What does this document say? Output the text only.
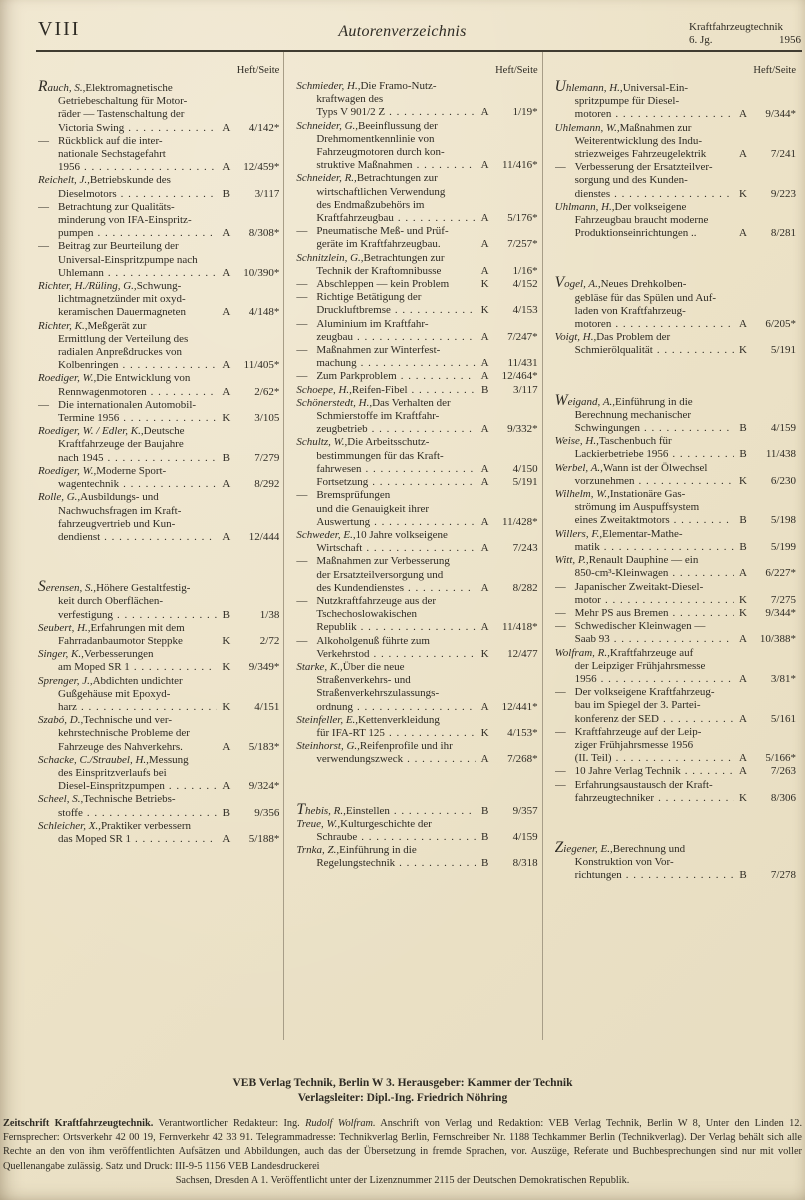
VIII	Autorenverzeichnis	Kraftfahrzeugtechnik
6. Jg.	1956
Heft/Seite
Rauch, S., Elektromagnetische
Getriebeschaltung für Motor-
räder — Tastenschaltung der
Victoria Swing . . .	A	4/142*
— Rückblick auf die inter-
nationale Sechstagefahrt
1956 . . .	A	12/459*
Reichelt, J., Betriebskunde des
Dieselmotors . . .	B	3/117
— Betrachtung zur Qualitäts-
minderung von IFA-Einspritz-
pumpen . . .	A	8/308*
— Beitrag zur Beurteilung der
Universal-Einspritzpumpe nach
Uhlemann . . .	A	10/390*
Richter, H./Rüling, G., Schwung-
lichtmagnetzünder mit oxyd-
keramischen Dauermagneten	A	4/148*
Richter, K., Meßgerät zur
Ermittlung der Verteilung des
radialen Anpreßdruckes von
Kolbenringen . . .	A	11/405*
Roediger, W., Die Entwicklung von
Rennwagenmotoren . . .	A	2/62*
— Die internationalen Automobil-
Termine 1956 . . .	K	3/105
Roediger, W. / Edler, K., Deutsche
Kraftfahrzeuge der Baujahre
nach 1945 . . .	B	7/279
Roediger, W., Moderne Sport-
wagentechnik . . .	A	8/292
Rolle, G., Ausbildungs- und
Nachwuchsfragen im Kraft-
fahrzeugvertrieb und Kun-
dendienst . . .	A	12/444
Serensen, S., Höhere Gestaltfestig-
keit durch Oberflächen-
verfestigung . . .	B	1/38
Seubert, H., Erfahrungen mit dem
Fahrradanbaumotor Steppke	K	2/72
Singer, K., Verbesserungen
am Moped SR 1 . . .	K	9/349*
Sprenger, J., Abdichten undichter
Gußgehäuse mit Epoxyd-
harz . . .	K	4/151
Szabó, D., Technische und ver-
kehrstechnische Probleme der
Fahrzeuge des Nahverkehrs.	A	5/183*
Schacke, C./Straubel, H., Messung
des Einspritzverlaufs bei
Diesel-Einspritzpumpen . . .	A	9/324*
Scheel, S., Technische Betriebs-
stoffe . . .	B	9/356
Schleicher, X., Praktiker verbessern
das Moped SR 1 . . .	A	5/188*
Heft/Seite
Schmieder, H., Die Framo-Nutz-
kraftwagen des
Typs V 901/2 Z . . .	A	1/19*
Schneider, G., Beeinflussung der
Drehmomentkennlinie von
Fahrzeugmotoren durch kon-
struktive Maßnahmen . . .	A	11/416*
Schneider, R., Betrachtungen zur
wirtschaftlichen Verwendung
des Endmaßzubehörs im
Kraftfahrzeugbau . . .	A	5/176*
— Pneumatische Meß- und Prüf-
geräte im Kraftfahrzeugbau.	A	7/257*
Schnitzlein, G., Betrachtungen zur
Technik der Kraftomnibusse	A	1/16*
— Abschleppen — kein Problem	K	4/152
— Richtige Betätigung der
Druckluftbremse . . .	K	4/153
— Aluminium im Kraftfahr-
zeugbau . . .	A	7/247*
— Maßnahmen zur Winterfest-
machung . . .	A	11/431
— Zum Parkproblem . . .	A	12/464*
Schoepe, H., Reifen-Fibel . . .	B	3/117
Schönerstedt, H., Das Verhalten der
Schmierstoffe im Kraftfahr-
zeugbetrieb . . .	A	9/332*
Schultz, W., Die Arbeitsschutz-
bestimmungen für das Kraft-
fahrwesen . . .	A	4/150
Fortsetzung . . .	A	5/191
— Bremsprüfungen
und die Genauigkeit ihrer
Auswertung . . .	A	11/428*
Schweder, E., 10 Jahre volkseigene
Wirtschaft . . .	A	7/243
— Maßnahmen zur Verbesserung
der Ersatzteilversorgung und
des Kundendienstes . . .	A	8/282
— Nutzkraftfahrzeuge aus der
Tschechoslowakischen
Republik . . .	A	11/418*
— Alkoholgenuß führte zum
Verkehrstod . . .	K	12/477
Starke, K., Über die neue
Straßenverkehrs- und
Straßenverkehrszulassungs-
ordnung . . .	A	12/441*
Steinfeller, E., Kettenverkleidung
für IFA-RT 125 . . .	K	4/153*
Steinhorst, G., Reifenprofile und ihr
verwendungszweck . . .	A	7/268*
Thebis, R., Einstellen . . .	B	9/357
Treue, W., Kulturgeschichte der
Schraube . . .	B	4/159
Trnka, Z., Einführung in die
Regelungstechnik . . .	B	8/318
Heft/Seite
Uhlemann, H., Universal-Ein-
spritzpumpe für Diesel-
motoren . . .	A	9/344*
Uhlemann, W., Maßnahmen zur
Weiterentwicklung des Indu-
striezweiges Fahrzeugelektrik	A	7/241
— Verbesserung der Ersatzteilver-
sorgung und des Kunden-
dienstes . . .	K	9/223
Uhlmann, H., Der volkseigene
Fahrzeugbau braucht moderne
Produktionseinrichtungen ..	A	8/281
Vogel, A., Neues Drehkolben-
gebläse für das Spülen und Auf-
laden von Kraftfahrzeug-
motoren . . .	A	6/205*
Voigt, H., Das Problem der
Schmierölqualität . . .	K	5/191
Weigand, A., Einführung in die
Berechnung mechanischer
Schwingungen . . .	B	4/159
Weise, H., Taschenbuch für
Lackierbetriebe 1956 . . .	B	11/438
Werbel, A., Wann ist der Ölwechsel
vorzunehmen . . .	K	6/230
Wilhelm, W., Instationäre Gas-
strömung im Auspuffsystem
eines Zweitaktmotors . . .	B	5/198
Willers, F., Elementar-Mathe-
matik . . .	B	5/199
Witt, P., Renault Dauphine — ein
850-cm³-Kleinwagen . . .	A	6/227*
— Japanischer Zweitakt-Diesel-
motor . . .	K	7/275
— Mehr PS aus Bremen . . .	K	9/344*
— Schwedischer Kleinwagen —
Saab 93 . . .	A	10/388*
Wolfram, R., Kraftfahrzeuge auf
der Leipziger Frühjahrsmesse
1956 . . .	A	3/81*
— Der volkseigene Kraftfahrzeug-
bau im Spiegel der 3. Partei-
konferenz der SED . . .	A	5/161
— Kraftfahrzeuge auf der Leip-
ziger Frühjahrsmesse 1956
(II. Teil) . . .	A	5/166*
— 10 Jahre Verlag Technik . . .	A	7/263
— Erfahrungsaustausch der Kraft-
fahrzeugtechniker . . .	K	8/306
Ziegener, E., Berechnung und
Konstruktion von Vor-
richtungen . . .	B	7/278
VEB Verlag Technik, Berlin W 3. Herausgeber: Kammer der Technik
Verlagsleiter: Dipl.-Ing. Friedrich Nöhring

Zeitschrift Kraftfahrzeugtechnik. Verantwortlicher Redakteur: Ing. Rudolf Wolfram. Anschrift von Verlag und Redaktion: VEB Verlag Technik, Berlin W 8, Unter den Linden 12. Fernsprecher: Ortsverkehr 42 00 19, Fernverkehr 42 33 91. Telegrammadresse: Technikverlag Berlin, Fernschreiber Nr. 1188 Techkammer Berlin (Technikverlag). Der Verlag behält sich alle Rechte an den von ihm veröffentlichten Aufsätzen und Abbildungen, auch das der Übersetzung in fremde Sprachen, vor. Auszüge, Referate und Buchbesprechungen sind nur mit voller Quellenangabe zulässig. Satz und Druck: III-9-5 1156 VEB Landesdruckerei

Sachsen, Dresden A 1. Veröffentlicht unter der Lizenznummer 2115 der Deutschen Demokratischen Republik.
